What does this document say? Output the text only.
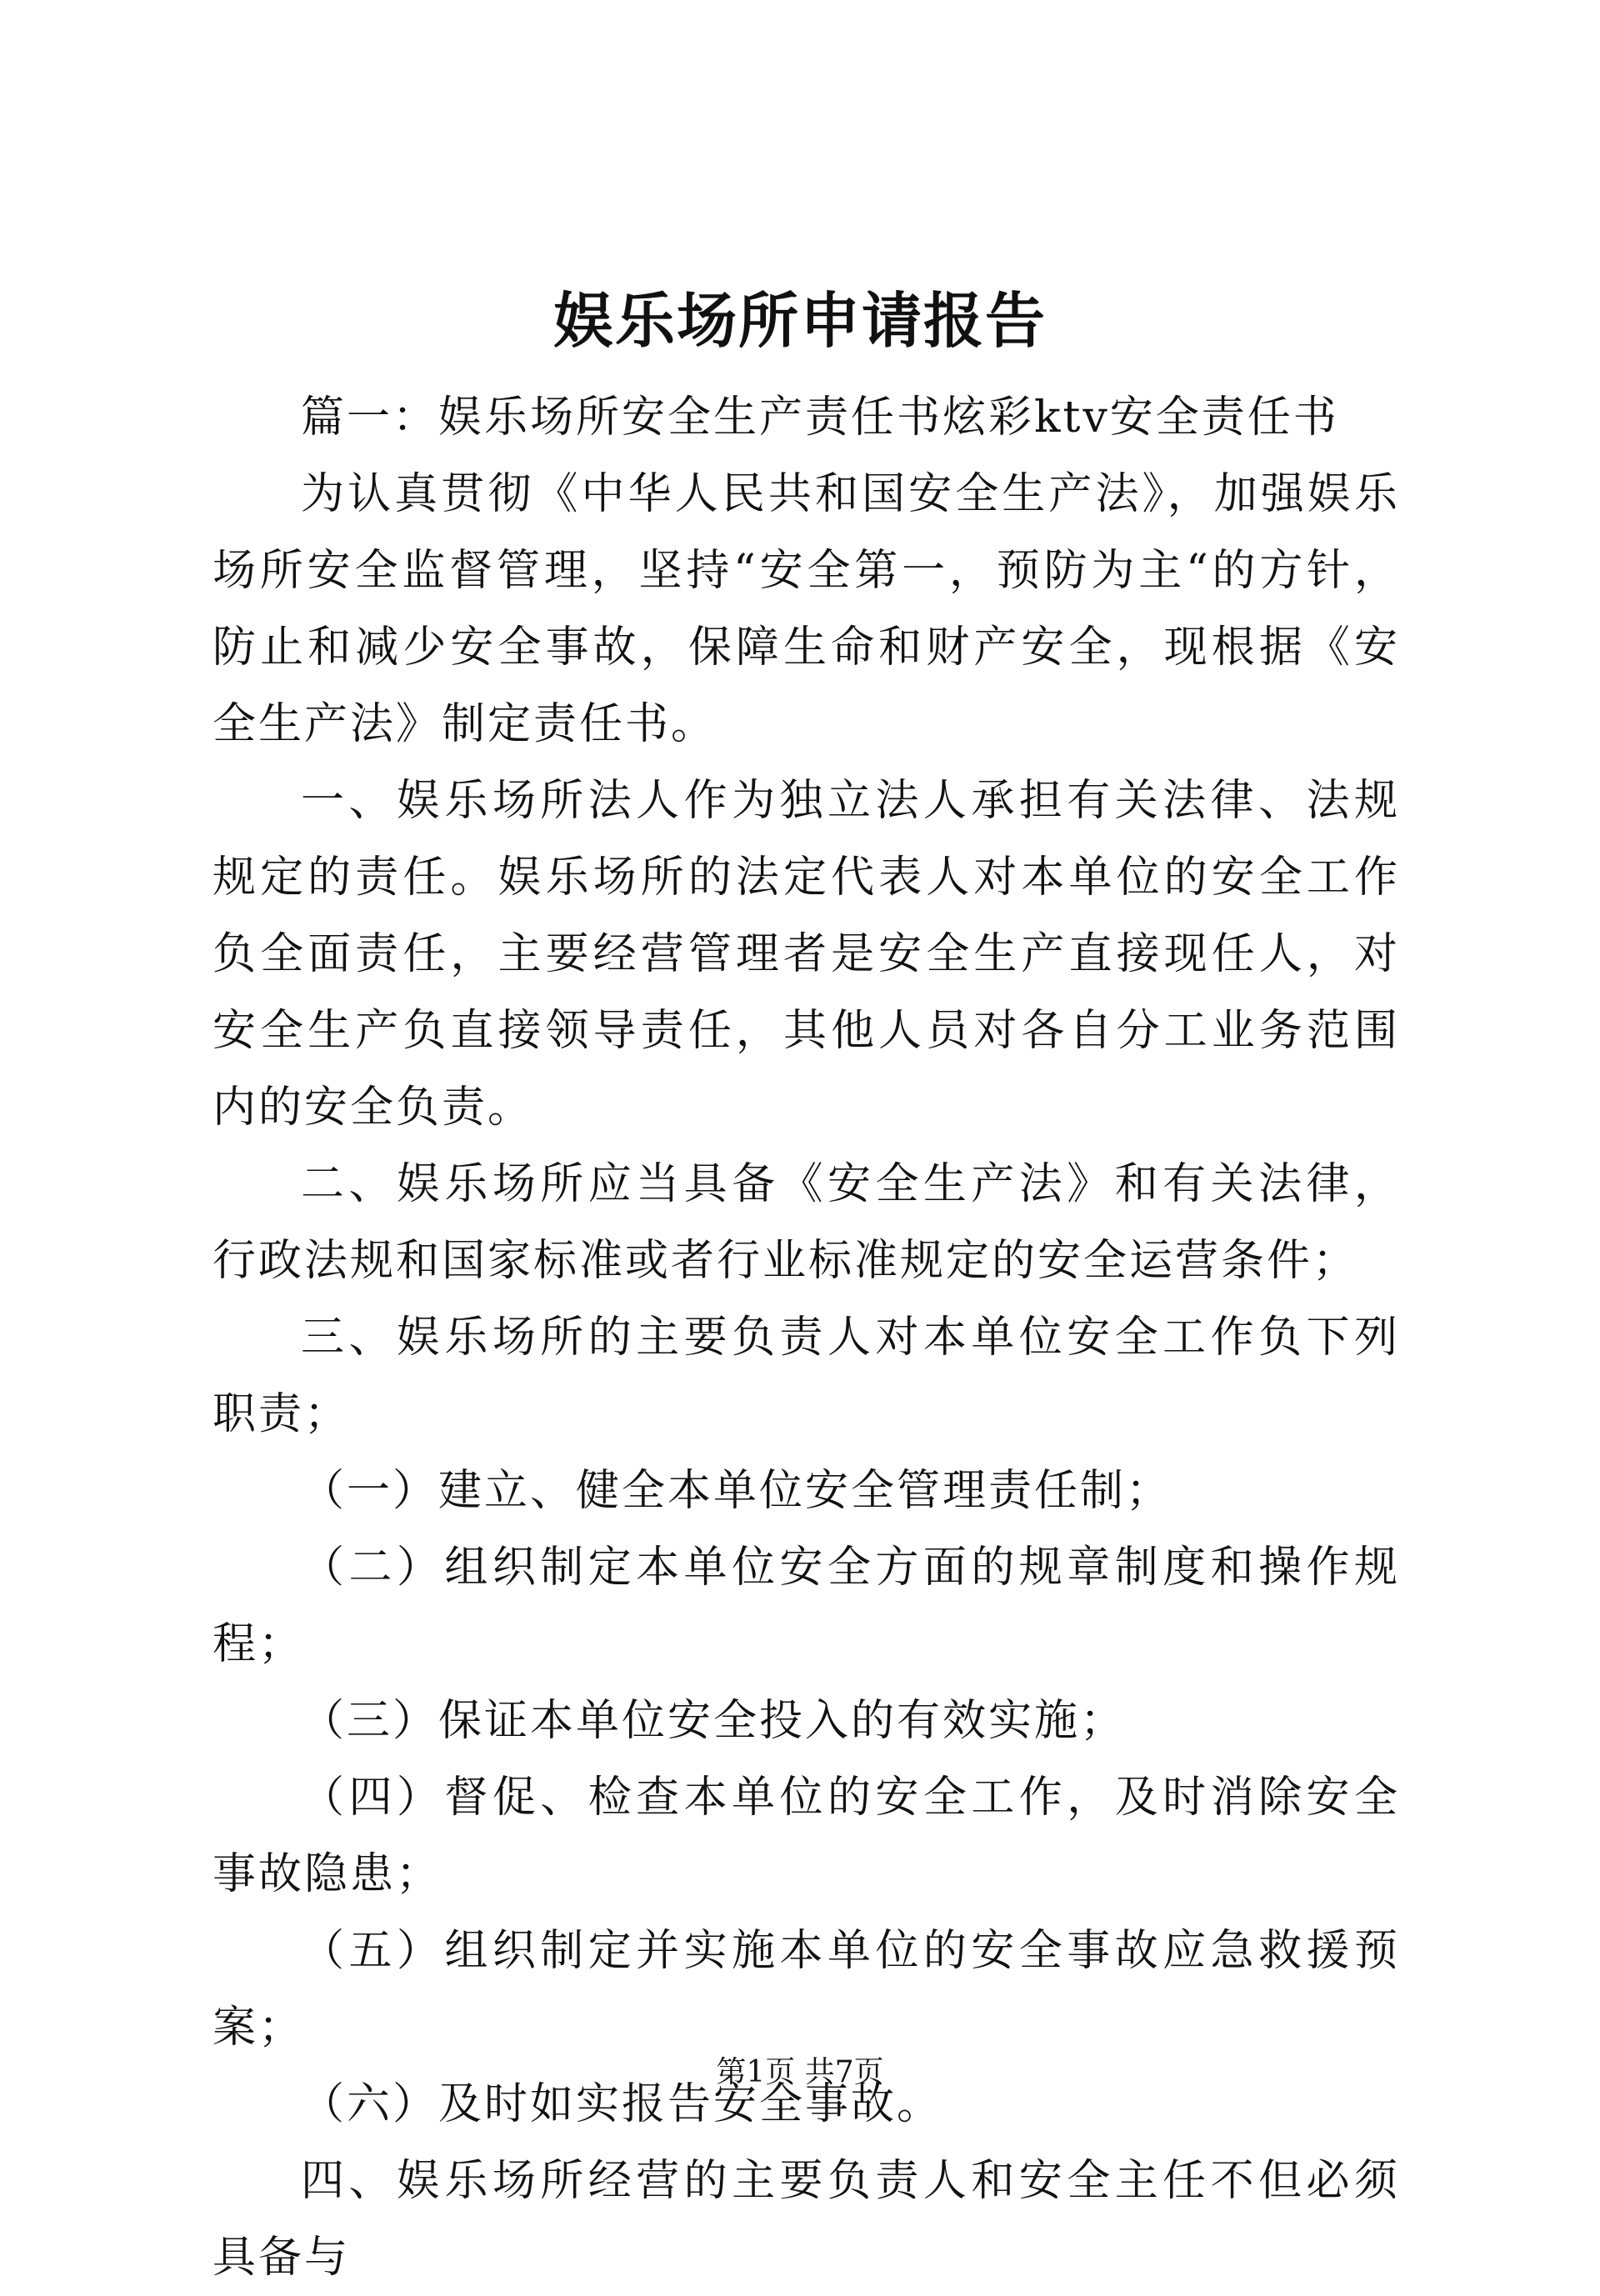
娱乐场所申请报告

篇一：娱乐场所安全生产责任书炫彩ktv安全责任书

为认真贯彻《中华人民共和国安全生产法》，加强娱乐场所安全监督管理，坚持“安全第一，预防为主“的方针，防止和减少安全事故，保障生命和财产安全，现根据《安全生产法》制定责任书。

一、娱乐场所法人作为独立法人承担有关法律、法规规定的责任。娱乐场所的法定代表人对本单位的安全工作负全面责任，主要经营管理者是安全生产直接现任人，对安全生产负直接领导责任，其他人员对各自分工业务范围内的安全负责。

二、娱乐场所应当具备《安全生产法》和有关法律，行政法规和国家标准或者行业标准规定的安全运营条件；

三、娱乐场所的主要负责人对本单位安全工作负下列职责；

（一）建立、健全本单位安全管理责任制；

（二）组织制定本单位安全方面的规章制度和操作规程；

（三）保证本单位安全投入的有效实施；

（四）督促、检查本单位的安全工作，及时消除安全事故隐患；

（五）组织制定并实施本单位的安全事故应急救援预案；

（六）及时如实报告安全事故。

四、娱乐场所经营的主要负责人和安全主任不但必须具备与

第1页 共7页
